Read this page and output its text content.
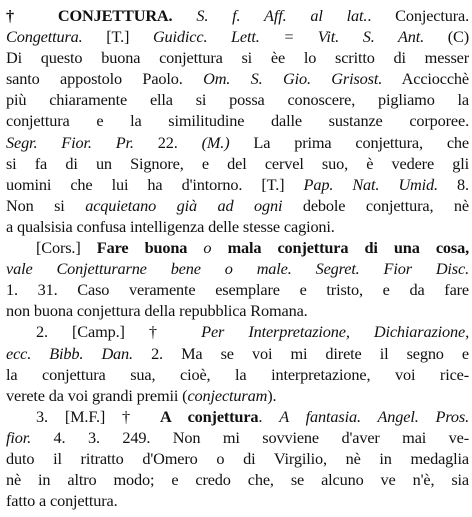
† CONJETTURA. S. f. Aff. al lat.. Conjectura.
Congettura. [T.] Guidicc. Lett. = Vit. S. Ant. (C)
Di questo buona conjettura si èe lo scritto di messer
santo appostolo Paolo. Om. S. Gio. Grisost. Acciocchè
più chiaramente ella si possa conoscere, pigliamo la
conjettura e la similitudine dalle sustanze corporee.
Segr. Fior. Pr. 22. (M.) La prima conjettura, che
si fa di un Signore, e del cervel suo, è vedere gli
uomini che lui ha d'intorno. [T.] Pap. Nat. Umid. 8.
Non si acquietano già ad ogni debole conjettura, nè
a qualsisia confusa intelligenza delle stesse cagioni.
[Cors.] Fare buona o mala conjettura di una cosa,
vale Conjetturarne bene o male. Segret. Fior Disc.
1. 31. Caso veramente esemplare e tristo, e da fare
non buona conjettura della repubblica Romana.
2. [Camp.] † Per Interpretazione, Dichiarazione,
ecc. Bibb. Dan. 2. Ma se voi mi direte il segno e
la conjettura sua, cioè, la interpretazione, voi rice-
verete da voi grandi premii (conjecturam).
3. [M.F.] † A conjettura. A fantasia. Angel. Pros.
fior. 4. 3. 249. Non mi sovviene d'aver mai ve-
duto il ritratto d'Omero o di Virgilio, nè in medaglia
nè in altro modo; e credo che, se alcuno ve n'è, sia
fatto a conjettura.
